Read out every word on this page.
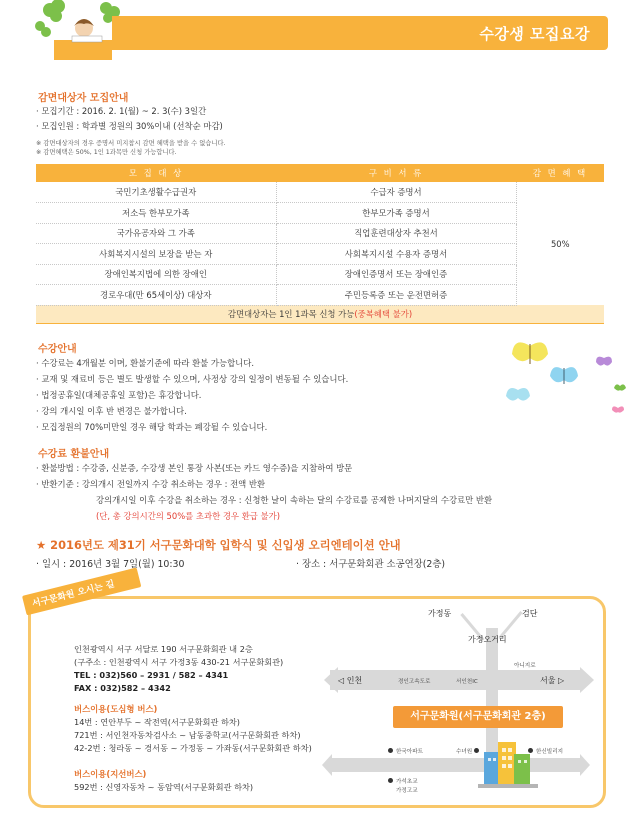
수강생 모집요강
감면대상자 모집안내
· 모집기간 : 2016. 2. 1(월) ~ 2. 3(수) 3일간
· 모집인원 : 학과별 정원의 30%이내 (선착순 마감)
※ 감면대상자의 경우 증명서 미지참시 감면 혜택을 받을 수 없습니다.
※ 감면혜택은 50%, 1인 1과목만 신청 가능합니다.
모 집 대 상	구 비 서 류	감 면 혜 택
국민기초생활수급권자	수급자 증명서	50%
저소득 한부모가족	한부모가족 증명서	
국가유공자와 그 가족	직업훈련대상자 추천서	
사회복지시설의 보장을 받는 자	사회복지시설 수용자 증명서	
장애인복지법에 의한 장애인	장애인증명서 또는 장애인증	
경로우대(만 65세이상) 대상자	주민등록증 또는 운전면허증	
감면대상자는 1인 1과목 신청 가능(중복혜택 불가)		
수강안내
· 수강료는 4개월분 이며, 환불기준에 따라 환불 가능합니다.
· 교재 및 재료비 등은 별도 발생할 수 있으며, 사정상 강의 일정이 변동될 수 있습니다.
· 법정공휴일(대체공휴일 포함)은 휴강합니다.
· 강의 개시일 이후 반 변경은 불가합니다.
· 모집정원의 70%미만일 경우 해당 학과는 폐강될 수 있습니다.
수강료 환불안내
· 환불방법 : 수강증, 신분증, 수강생 본인 통장 사본(또는 카드 영수증)을 지참하여 방문
· 반환기준 : 강의개시 전일까지 수강 취소하는 경우 : 전액 반환
강의개시일 이후 수강을 취소하는 경우 : 신청한 날이 속하는 달의 수강료를 공제한 나머지달의 수강료만 반환
(단, 총 강의시간의 50%를 초과한 경우 환급 불가)
★ 2016년도 제31기 서구문화대학 입학식 및 신입생 오리엔테이션 안내
· 일시 : 2016년 3월 7일(월) 10:30	· 장소 : 서구문화회관 소공연장(2층)
서구문화원 오시는 길
인천광역시 서구 서달로 190 서구문화회관 내 2층
(구주소 : 인천광역시 서구 가정3동 430-21 서구문화회관)
TEL : 032)560 – 2931 / 582 – 4341
FAX : 032)582 – 4342
버스이용(도심형 버스)
14번 : 연안부두 ~ 작전역(서구문화회관 하차)
721번 : 서인천자동차검사소 ~ 남동중학교(서구문화회관 하차)
42-2번 : 청라동 ~ 경서동 ~ 가정동 ~ 가좌동(서구문화회관 하차)
버스이용(지선버스)
592번 : 신영자동차 ~ 동암역(서구문화회관 하차)
가정동	검단
가정오거리
아니지로
◁ 인천	서울 ▷
경인고속도로	서인천IC
서구문화원(서구문화회관 2층)
한국아파트	수녀원	한신빌리지
가석초교
가정고교
